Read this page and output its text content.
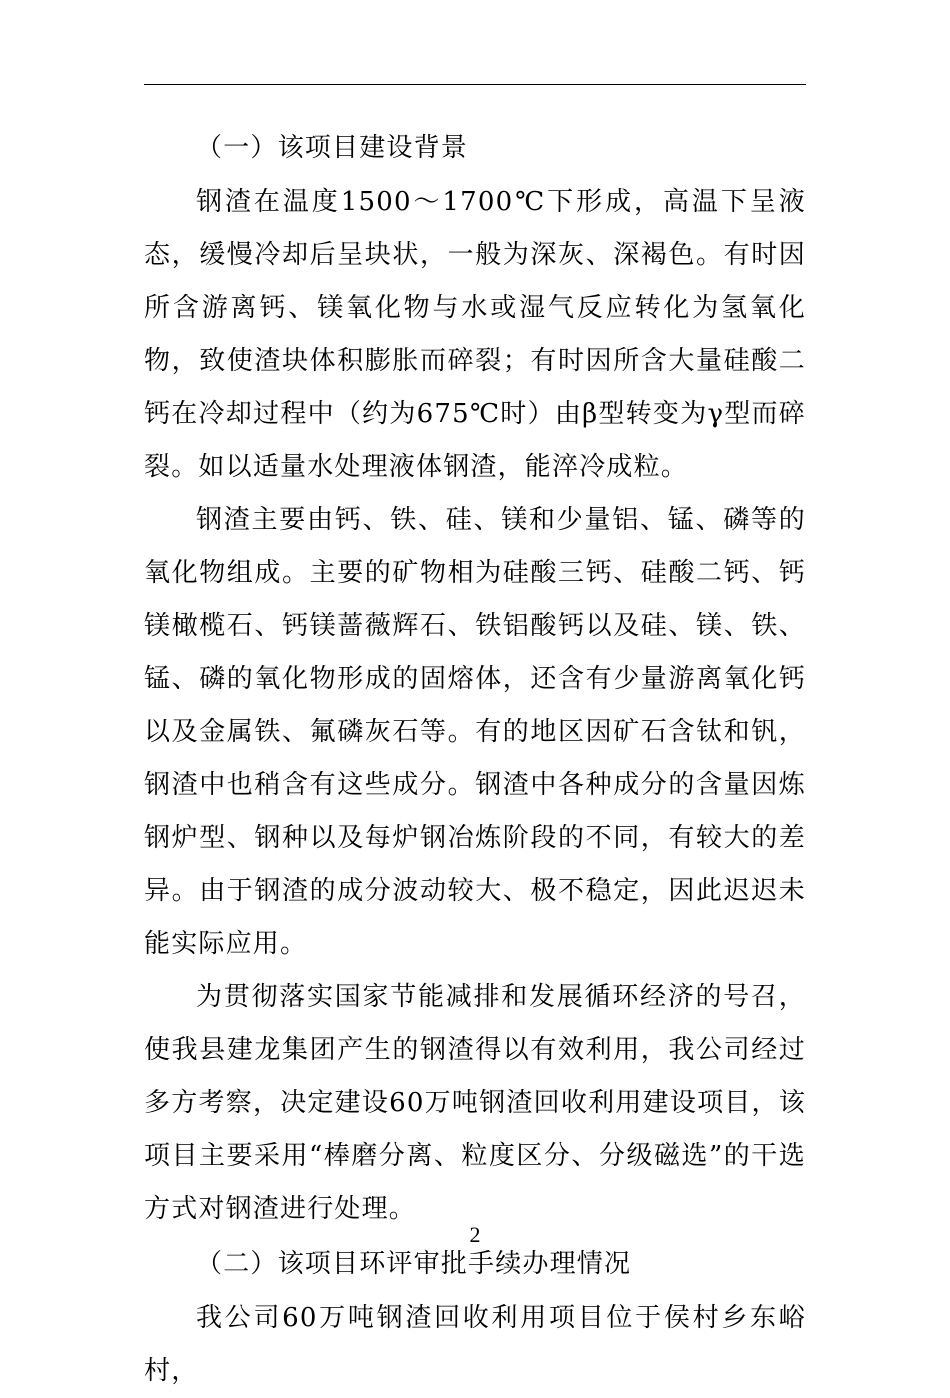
（一）该项目建设背景

钢渣在温度1500～1700℃下形成，高温下呈液态，缓慢冷却后呈块状，一般为深灰、深褐色。有时因所含游离钙、镁氧化物与水或湿气反应转化为氢氧化物，致使渣块体积膨胀而碎裂；有时因所含大量硅酸二钙在冷却过程中（约为675℃时）由β型转变为γ型而碎裂。如以适量水处理液体钢渣，能淬冷成粒。

钢渣主要由钙、铁、硅、镁和少量铝、锰、磷等的氧化物组成。主要的矿物相为硅酸三钙、硅酸二钙、钙镁橄榄石、钙镁蔷薇辉石、铁铝酸钙以及硅、镁、铁、锰、磷的氧化物形成的固熔体，还含有少量游离氧化钙以及金属铁、氟磷灰石等。有的地区因矿石含钛和钒，钢渣中也稍含有这些成分。钢渣中各种成分的含量因炼钢炉型、钢种以及每炉钢冶炼阶段的不同，有较大的差异。由于钢渣的成分波动较大、极不稳定，因此迟迟未能实际应用。

为贯彻落实国家节能减排和发展循环经济的号召，使我县建龙集团产生的钢渣得以有效利用，我公司经过多方考察，决定建设60万吨钢渣回收利用建设项目，该项目主要采用“棒磨分离、粒度区分、分级磁选”的干选方式对钢渣进行处理。

（二）该项目环评审批手续办理情况

我公司60万吨钢渣回收利用项目位于侯村乡东峪村，

2
